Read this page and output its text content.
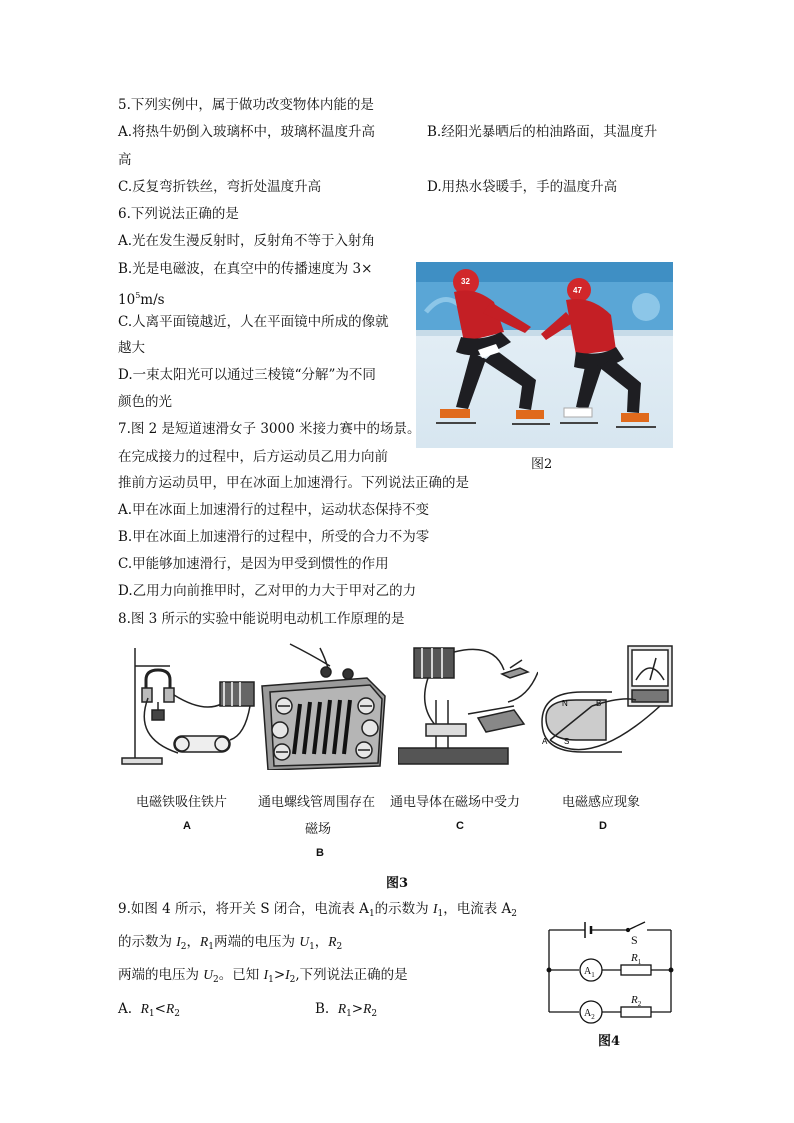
5.下列实例中，属于做功改变物体内能的是
A.将热牛奶倒入玻璃杯中，玻璃杯温度升高	B.经阳光暴晒后的柏油路面，其温度升
高
C.反复弯折铁丝，弯折处温度升高	D.用热水袋暖手，手的温度升高
6.下列说法正确的是
A.光在发生漫反射时，反射角不等于入射角
B.光是电磁波，在真空中的传播速度为 3×
$10^5m/s$
C.人离平面镜越近，人在平面镜中所成的像就
越大
D.一束太阳光可以通过三棱镜“分解”为不同
颜色的光
32
47
图2
7.图 2 是短道速滑女子 3000 米接力赛中的场景。
在完成接力的过程中，后方运动员乙用力向前
推前方运动员甲，甲在冰面上加速滑行。下列说法正确的是
A.甲在冰面上加速滑行的过程中，运动状态保持不变
B.甲在冰面上加速滑行的过程中，所受的合力不为零
C.甲能够加速滑行，是因为甲受到惯性的作用
D.乙用力向前推甲时，乙对甲的力大于甲对乙的力
8.图 3 所示的实验中能说明电动机工作原理的是
电磁铁吸住铁片
A
通电螺线管周围存在
磁场
B
通电导体在磁场中受力
C
N
S
A
B
电磁感应现象
D
图3
9.如图 4 所示，将开关 S 闭合，电流表 $A_1$的示数为 $I_1$，电流表 $A_2$
的示数为 $I_2$，$R_1$两端的电压为 $U_1$，$R_2$
两端的电压为 $U_2$。已知 $I_1>I_2$,下列说法正确的是
A. $R_1<R_2$	B. $R_1>R_2$
S
$A_1$
$A_2$
$R_1$
$R_2$
图4
